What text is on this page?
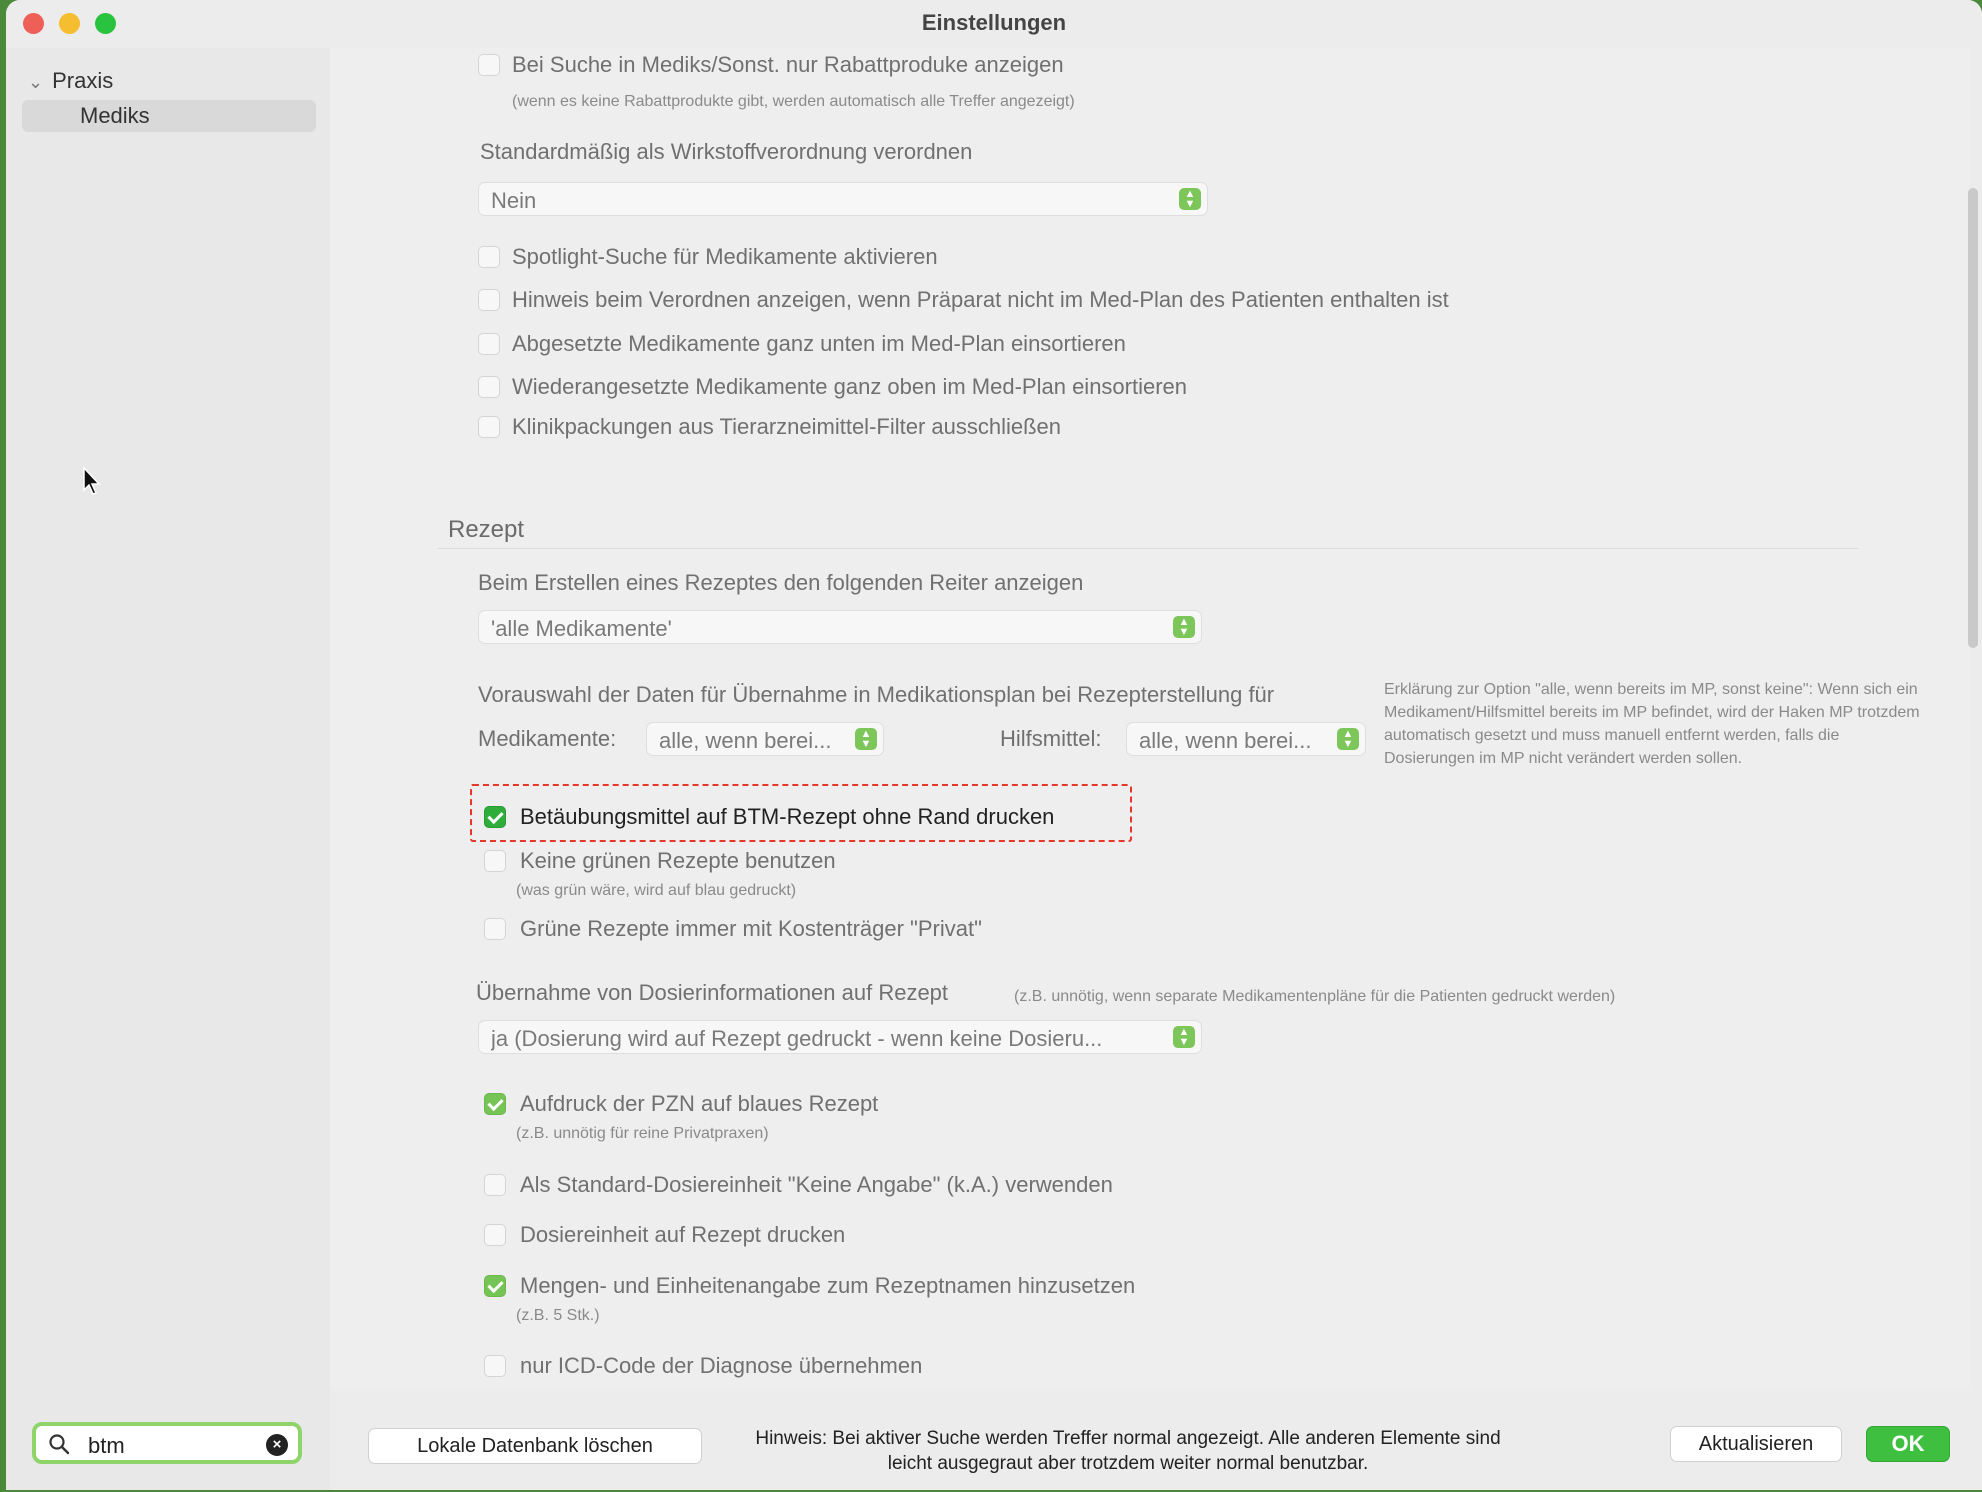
Einstellungen
⌄ Praxis
Mediks
btm	×
Bei Suche in Mediks/Sonst. nur Rabattproduke anzeigen
(wenn es keine Rabattprodukte gibt, werden automatisch alle Treffer angezeigt)
Standardmäßig als Wirkstoffverordnung verordnen
Nein	▲
▼
Spotlight-Suche für Medikamente aktivieren
Hinweis beim Verordnen anzeigen, wenn Präparat nicht im Med-Plan des Patienten enthalten ist
Abgesetzte Medikamente ganz unten im Med-Plan einsortieren
Wiederangesetzte Medikamente ganz oben im Med-Plan einsortieren
Klinikpackungen aus Tierarzneimittel-Filter ausschließen
Rezept
Beim Erstellen eines Rezeptes den folgenden Reiter anzeigen
'alle Medikamente'	▲
▼
Vorauswahl der Daten für Übernahme in Medikationsplan bei Rezepterstellung für
Medikamente: alle, wenn berei...	▲
▼	Hilfsmittel: alle, wenn berei...	▲
▼
Erklärung zur Option "alle, wenn bereits im MP, sonst keine": Wenn sich ein Medikament/Hilfsmittel bereits im MP befindet, wird der Haken MP trotzdem automatisch gesetzt und muss manuell entfernt werden, falls die Dosierungen im MP nicht verändert werden sollen.
Betäubungsmittel auf BTM-Rezept ohne Rand drucken
Keine grünen Rezepte benutzen
(was grün wäre, wird auf blau gedruckt)
Grüne Rezepte immer mit Kostenträger "Privat"
Übernahme von Dosierinformationen auf Rezept	(z.B. unnötig, wenn separate Medikamentenpläne für die Patienten gedruckt werden)
ja (Dosierung wird auf Rezept gedruckt - wenn keine Dosieru...	▲
▼
Aufdruck der PZN auf blaues Rezept
(z.B. unnötig für reine Privatpraxen)
Als Standard-Dosiereinheit "Keine Angabe" (k.A.) verwenden
Dosiereinheit auf Rezept drucken
Mengen- und Einheitenangabe zum Rezeptnamen hinzusetzen
(z.B. 5 Stk.)
nur ICD-Code der Diagnose übernehmen
Lokale Datenbank löschen	Hinweis: Bei aktiver Suche werden Treffer normal angezeigt. Alle anderen Elemente sind
leicht ausgegraut aber trotzdem weiter normal benutzbar.
Aktualisieren	OK
